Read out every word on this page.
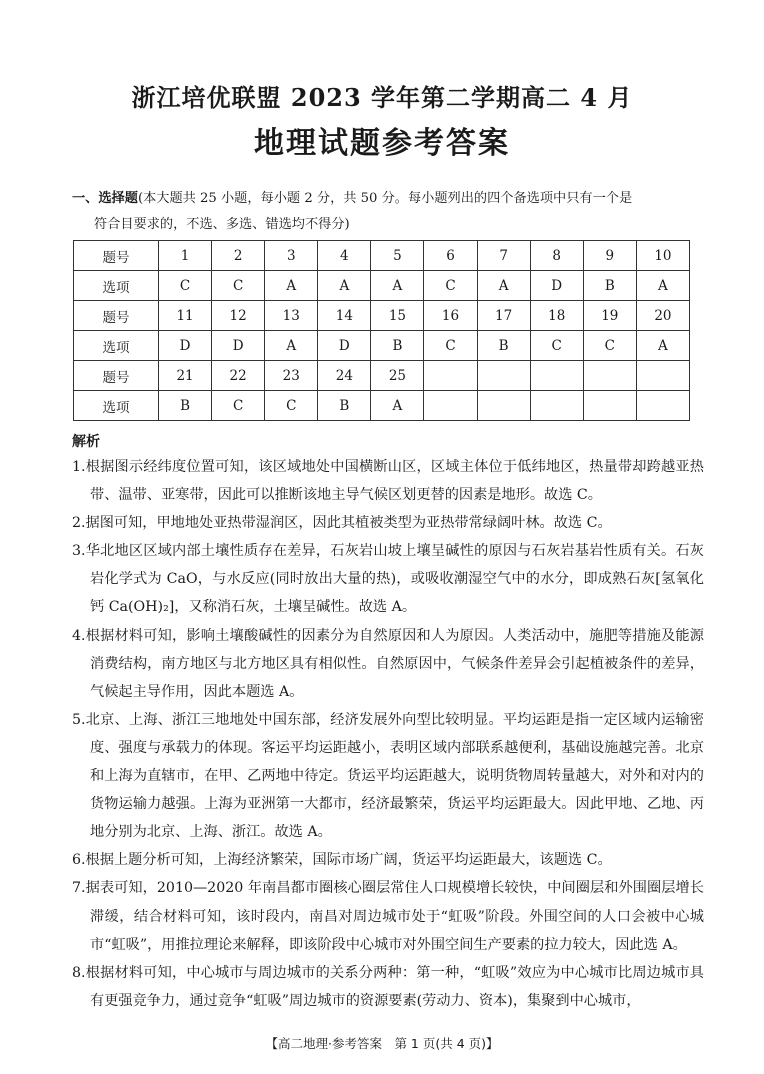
浙江培优联盟 2023 学年第二学期高二 4 月
地理试题参考答案
一、选择题(本大题共 25 小题，每小题 2 分，共 50 分。每小题列出的四个备选项中只有一个是
符合目要求的，不选、多选、错选均不得分)
题号	1	2	3	4	5	6	7	8	9	10
选项	C	C	A	A	A	C	A	D	B	A
题号	11	12	13	14	15	16	17	18	19	20
选项	D	D	A	D	B	C	B	C	C	A
题号	21	22	23	24	25					
选项	B	C	C	B	A					
解析

1.根据图示经纬度位置可知，该区域地处中国横断山区，区域主体位于低纬地区，热量带却跨越亚热带、温带、亚寒带，因此可以推断该地主导气候区划更替的因素是地形。故选 C。

2.据图可知，甲地地处亚热带湿润区，因此其植被类型为亚热带常绿阔叶林。故选 C。

3.华北地区区域内部土壤性质存在差异，石灰岩山坡上壤呈碱性的原因与石灰岩基岩性质有关。石灰岩化学式为 CaO，与水反应(同时放出大量的热)，或吸收潮湿空气中的水分，即成熟石灰[氢氧化钙 Ca(OH)₂]，又称消石灰，土壤呈碱性。故选 A。

4.根据材料可知，影响土壤酸碱性的因素分为自然原因和人为原因。人类活动中，施肥等措施及能源消费结构，南方地区与北方地区具有相似性。自然原因中，气候条件差异会引起植被条件的差异，气候起主导作用，因此本题选 A。

5.北京、上海、浙江三地地处中国东部，经济发展外向型比较明显。平均运距是指一定区域内运输密度、强度与承载力的体现。客运平均运距越小，表明区域内部联系越便利，基础设施越完善。北京和上海为直辖市，在甲、乙两地中待定。货运平均运距越大，说明货物周转量越大，对外和对内的货物运输力越强。上海为亚洲第一大都市，经济最繁荣，货运平均运距最大。因此甲地、乙地、丙地分别为北京、上海、浙江。故选 A。

6.根据上题分析可知，上海经济繁荣，国际市场广阔，货运平均运距最大，该题选 C。

7.据表可知，2010—2020 年南昌都市圈核心圈层常住人口规模增长较快，中间圈层和外围圈层增长滞缓，结合材料可知，该时段内，南昌对周边城市处于“虹吸”阶段。外围空间的人口会被中心城市“虹吸”，用推拉理论来解释，即该阶段中心城市对外围空间生产要素的拉力较大，因此选 A。

8.根据材料可知，中心城市与周边城市的关系分两种：第一种，“虹吸”效应为中心城市比周边城市具有更强竞争力，通过竞争“虹吸”周边城市的资源要素(劳动力、资本)，集聚到中心城市，

【高二地理·参考答案　第 1 页(共 4 页)】
